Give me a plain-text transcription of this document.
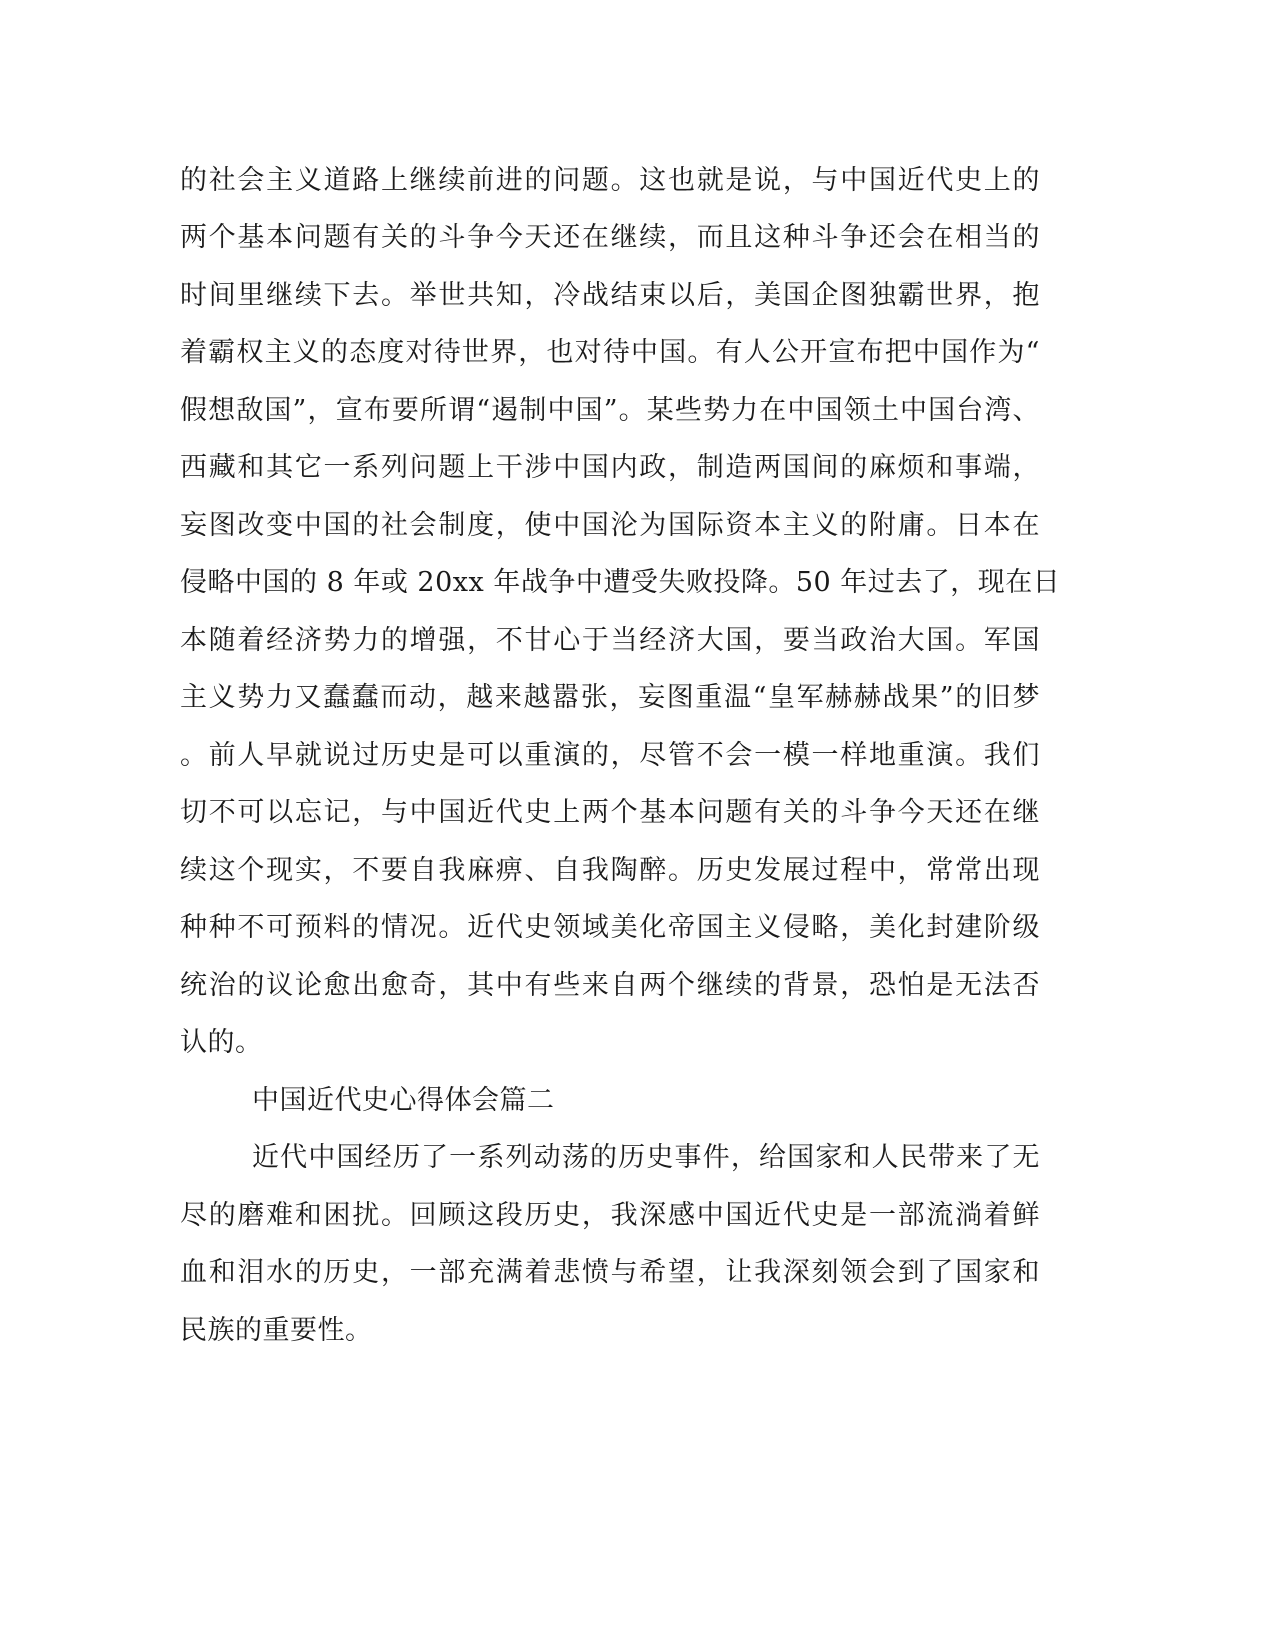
的社会主义道路上继续前进的问题。这也就是说，与中国近代史上的
两个基本问题有关的斗争今天还在继续，而且这种斗争还会在相当的
时间里继续下去。举世共知，冷战结束以后，美国企图独霸世界，抱
着霸权主义的态度对待世界，也对待中国。有人公开宣布把中国作为“
假想敌国”，宣布要所谓“遏制中国”。某些势力在中国领土中国台湾、
西藏和其它一系列问题上干涉中国内政，制造两国间的麻烦和事端，
妄图改变中国的社会制度，使中国沦为国际资本主义的附庸。日本在
侵略中国的 8 年或 20xx 年战争中遭受失败投降。50 年过去了，现在日
本随着经济势力的增强，不甘心于当经济大国，要当政治大国。军国
主义势力又蠢蠢而动，越来越嚣张，妄图重温“皇军赫赫战果”的旧梦
。前人早就说过历史是可以重演的，尽管不会一模一样地重演。我们
切不可以忘记，与中国近代史上两个基本问题有关的斗争今天还在继
续这个现实，不要自我麻痹、自我陶醉。历史发展过程中，常常出现
种种不可预料的情况。近代史领域美化帝国主义侵略，美化封建阶级
统治的议论愈出愈奇，其中有些来自两个继续的背景，恐怕是无法否
认的。
中国近代史心得体会篇二
近代中国经历了一系列动荡的历史事件，给国家和人民带来了无
尽的磨难和困扰。回顾这段历史，我深感中国近代史是一部流淌着鲜
血和泪水的历史，一部充满着悲愤与希望，让我深刻领会到了国家和
民族的重要性。
